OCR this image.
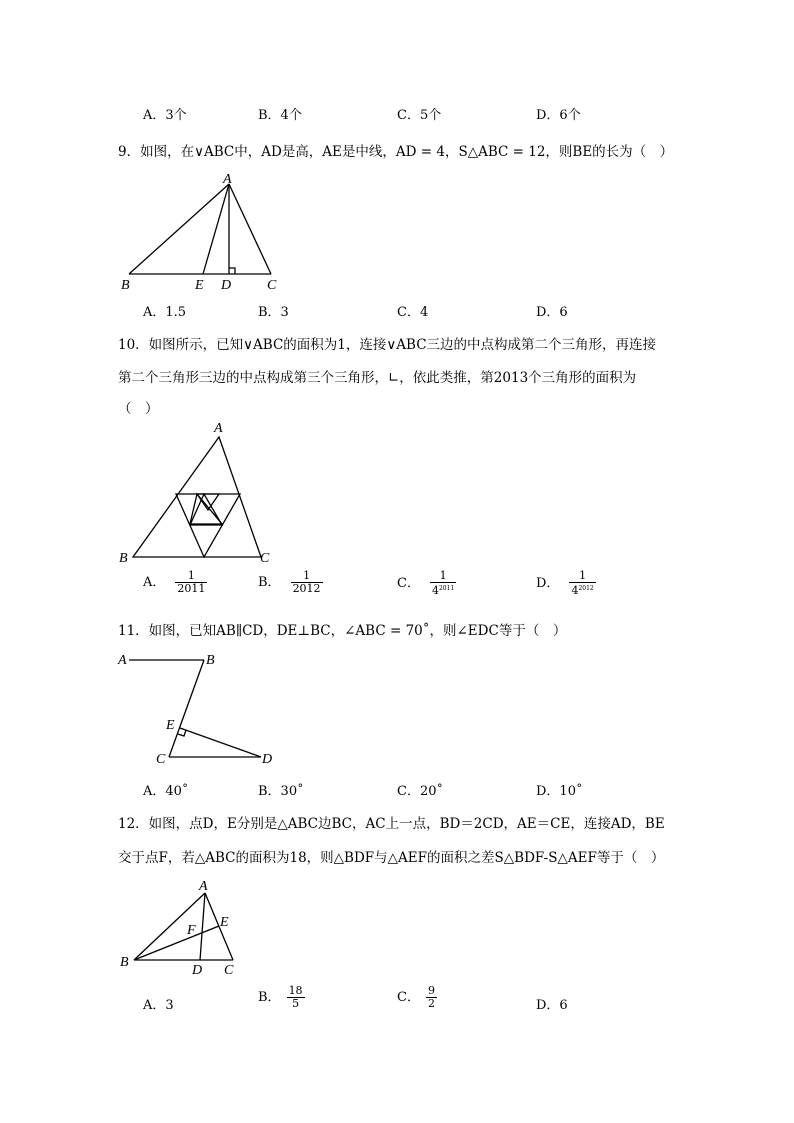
A．3个	B．4个	C．5个	D．6个
9．如图，在∨ABC中，AD是高，AE是中线，AD = 4，S△ABC = 12，则BE的长为（　）
A
B	E D	C
A．1.5	B．3	C．4	D．6
10．如图所示，已知∨ABC的面积为1，连接∨ABC三边的中点构成第二个三角形，再连接
第二个三角形三边的中点构成第三个三角形，∟，依此类推，第2013个三角形的面积为
（　）
A
B	C
A． $\frac{1}{2011}$	B． $\frac{1}{2012}$	C． $\frac{1}{4^{2011}}$	D． $\frac{1}{4^{2012}}$
11．如图，已知AB∥CD，DE⊥BC，∠ABC = 70˚，则∠EDC等于（　）
A	B
E
C	D
A．40˚	B．30˚	C．20˚	D．10˚
12．如图，点D，E分别是△ABC边BC，AC上一点，BD＝2CD，AE＝CE，连接AD，BE
交于点F，若△ABC的面积为18，则△BDF与△AEF的面积之差S△BDF-S△AEF等于（　）
A
B
E
F
D C
A．3
B． $\frac{18}{5}$	C． $\frac{9}{2}$	D．6
